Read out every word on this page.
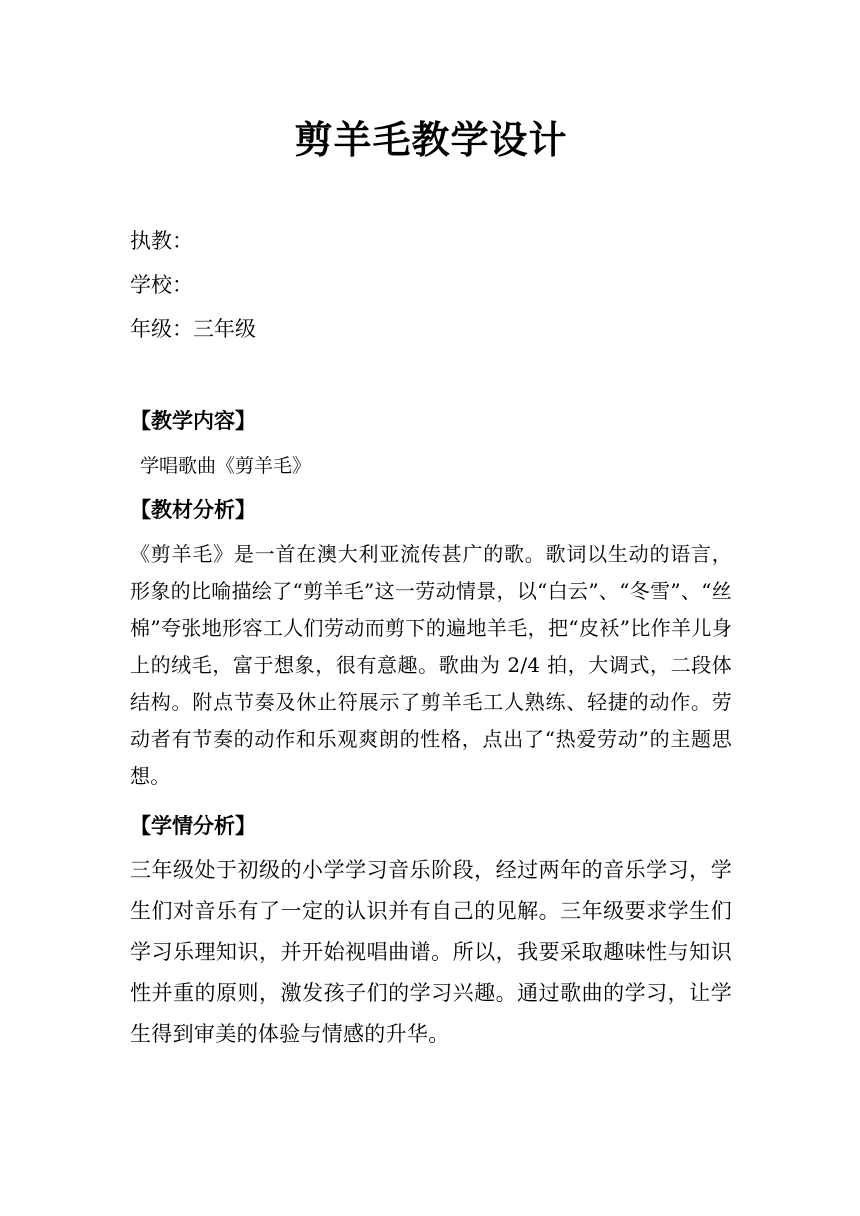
剪羊毛教学设计
执教：
学校：
年级：三年级
【教学内容】
学唱歌曲《剪羊毛》
【教材分析】
《剪羊毛》是一首在澳大利亚流传甚广的歌。歌词以生动的语言，形象的比喻描绘了“剪羊毛”这一劳动情景，以“白云”、“冬雪”、“丝棉”夸张地形容工人们劳动而剪下的遍地羊毛，把“皮袄”比作羊儿身上的绒毛，富于想象，很有意趣。歌曲为 2/4 拍，大调式，二段体结构。附点节奏及休止符展示了剪羊毛工人熟练、轻捷的动作。劳动者有节奏的动作和乐观爽朗的性格，点出了“热爱劳动”的主题思想。
【学情分析】
三年级处于初级的小学学习音乐阶段，经过两年的音乐学习，学生们对音乐有了一定的认识并有自己的见解。三年级要求学生们学习乐理知识，并开始视唱曲谱。所以，我要采取趣味性与知识性并重的原则，激发孩子们的学习兴趣。通过歌曲的学习，让学生得到审美的体验与情感的升华。
